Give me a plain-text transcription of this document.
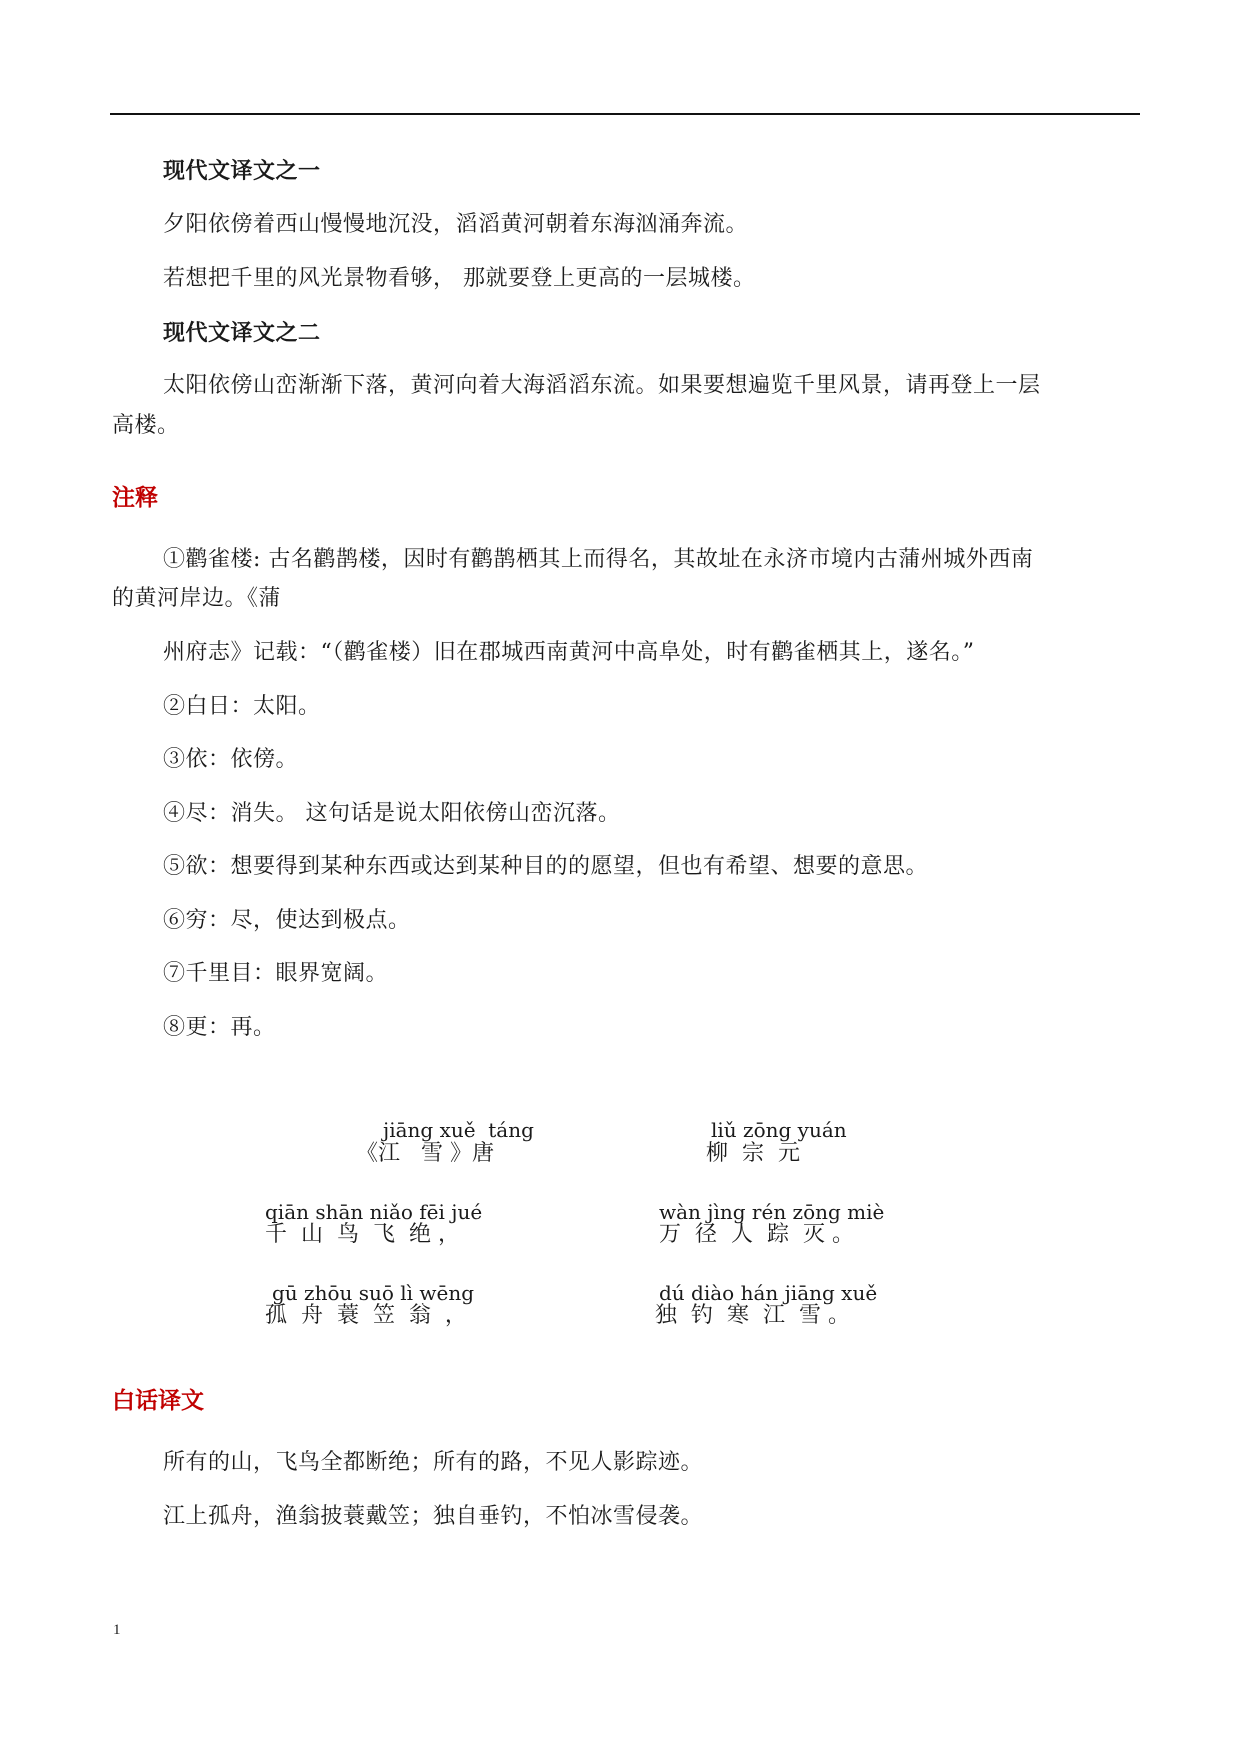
现代文译文之一
夕阳依傍着西山慢慢地沉没，滔滔黄河朝着东海汹涌奔流。
若想把千里的风光景物看够， 那就要登上更高的一层城楼。
现代文译文之二
太阳依傍山峦渐渐下落，黄河向着大海滔滔东流。如果要想遍览千里风景，请再登上一层
高楼。
注释
①鹳雀楼: 古名鹳鹊楼，因时有鹳鹊栖其上而得名，其故址在永济市境内古蒲州城外西南
的黄河岸边。《蒲
州府志》记载：“（鹳雀楼）旧在郡城西南黄河中高阜处，时有鹳雀栖其上，遂名。”
②白日：太阳。
③依：依傍。
④尽：消失。 这句话是说太阳依傍山峦沉落。
⑤欲：想要得到某种东西或达到某种目的的愿望，但也有希望、想要的意思。
⑥穷：尽，使达到极点。
⑦千里目：眼界宽阔。
⑧更：再。
jiāng xuě  táng	liǔ zōng yuán
《江   雪 》唐	柳  宗  元
qiān shān niǎo fēi jué	wàn jìng rén zōng miè
千  山  鸟  飞  绝 ，	万  径  人  踪  灭 。
gū zhōu suō lì wēng	dú diào hán jiāng xuě
孤  舟  蓑  笠  翁  ，	独  钓  寒  江  雪 。
白话译文
所有的山，飞鸟全都断绝；所有的路，不见人影踪迹。
江上孤舟，渔翁披蓑戴笠；独自垂钓，不怕冰雪侵袭。
1
